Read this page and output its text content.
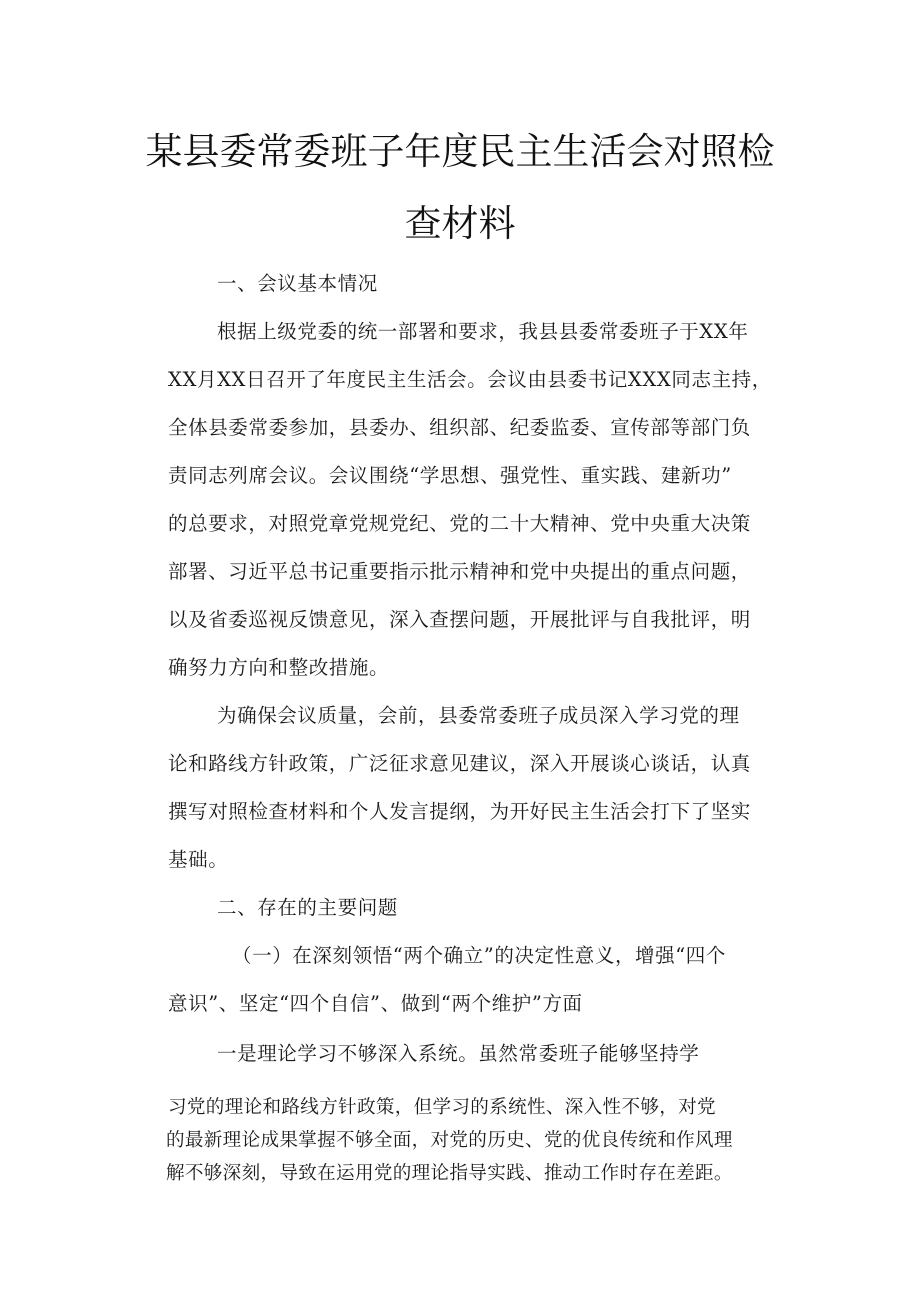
某县委常委班子年度民主生活会对照检
查材料

一、会议基本情况

根据上级党委的统一部署和要求，我县县委常委班子于XX年

XX月XX日召开了年度民主生活会。会议由县委书记XXX同志主持，

全体县委常委参加，县委办、组织部、纪委监委、宣传部等部门负

责同志列席会议。会议围绕“学思想、强党性、重实践、建新功”

的总要求，对照党章党规党纪、党的二十大精神、党中央重大决策

部署、习近平总书记重要指示批示精神和党中央提出的重点问题，

以及省委巡视反馈意见，深入查摆问题，开展批评与自我批评，明

确努力方向和整改措施。

为确保会议质量，会前，县委常委班子成员深入学习党的理

论和路线方针政策，广泛征求意见建议，深入开展谈心谈话，认真

撰写对照检查材料和个人发言提纲，为开好民主生活会打下了坚实

基础。

二、存在的主要问题

（一）在深刻领悟“两个确立”的决定性意义，增强“四个

意识”、坚定“四个自信”、做到“两个维护”方面

一是理论学习不够深入系统。虽然常委班子能够坚持学

习党的理论和路线方针政策，但学习的系统性、深入性不够，对党

的最新理论成果掌握不够全面，对党的历史、党的优良传统和作风理

解不够深刻，导致在运用党的理论指导实践、推动工作时存在差距。
